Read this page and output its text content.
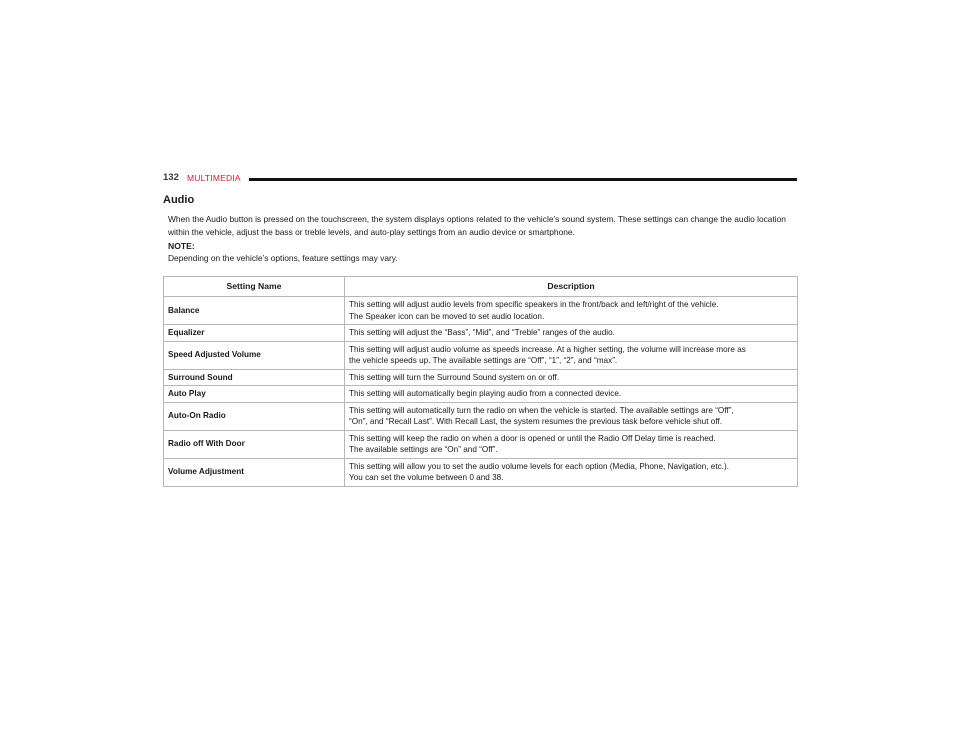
132 MULTIMEDIA
Audio
When the Audio button is pressed on the touchscreen, the system displays options related to the vehicle’s sound system. These settings can change the audio location within the vehicle, adjust the bass or treble levels, and auto-play settings from an audio device or smartphone.
NOTE:
Depending on the vehicle’s options, feature settings may vary.
Setting Name	Description
Balance	This setting will adjust audio levels from specific speakers in the front/back and left/right of the vehicle.
The Speaker icon can be moved to set audio location.

Equalizer	This setting will adjust the “Bass”, “Mid”, and “Treble” ranges of the audio.

Speed Adjusted Volume	This setting will adjust audio volume as speeds increase. At a higher setting, the volume will increase more as
the vehicle speeds up. The available settings are “Off”, “1”, “2”, and “max”.

Surround Sound	This setting will turn the Surround Sound system on or off.

Auto Play	This setting will automatically begin playing audio from a connected device.

Auto-On Radio	This setting will automatically turn the radio on when the vehicle is started. The available settings are “Off”,
“On”, and “Recall Last”. With Recall Last, the system resumes the previous task before vehicle shut off.

Radio off With Door	This setting will keep the radio on when a door is opened or until the Radio Off Delay time is reached.
The available settings are “On” and “Off”.

Volume Adjustment	This setting will allow you to set the audio volume levels for each option (Media, Phone, Navigation, etc.).
You can set the volume between 0 and 38.
